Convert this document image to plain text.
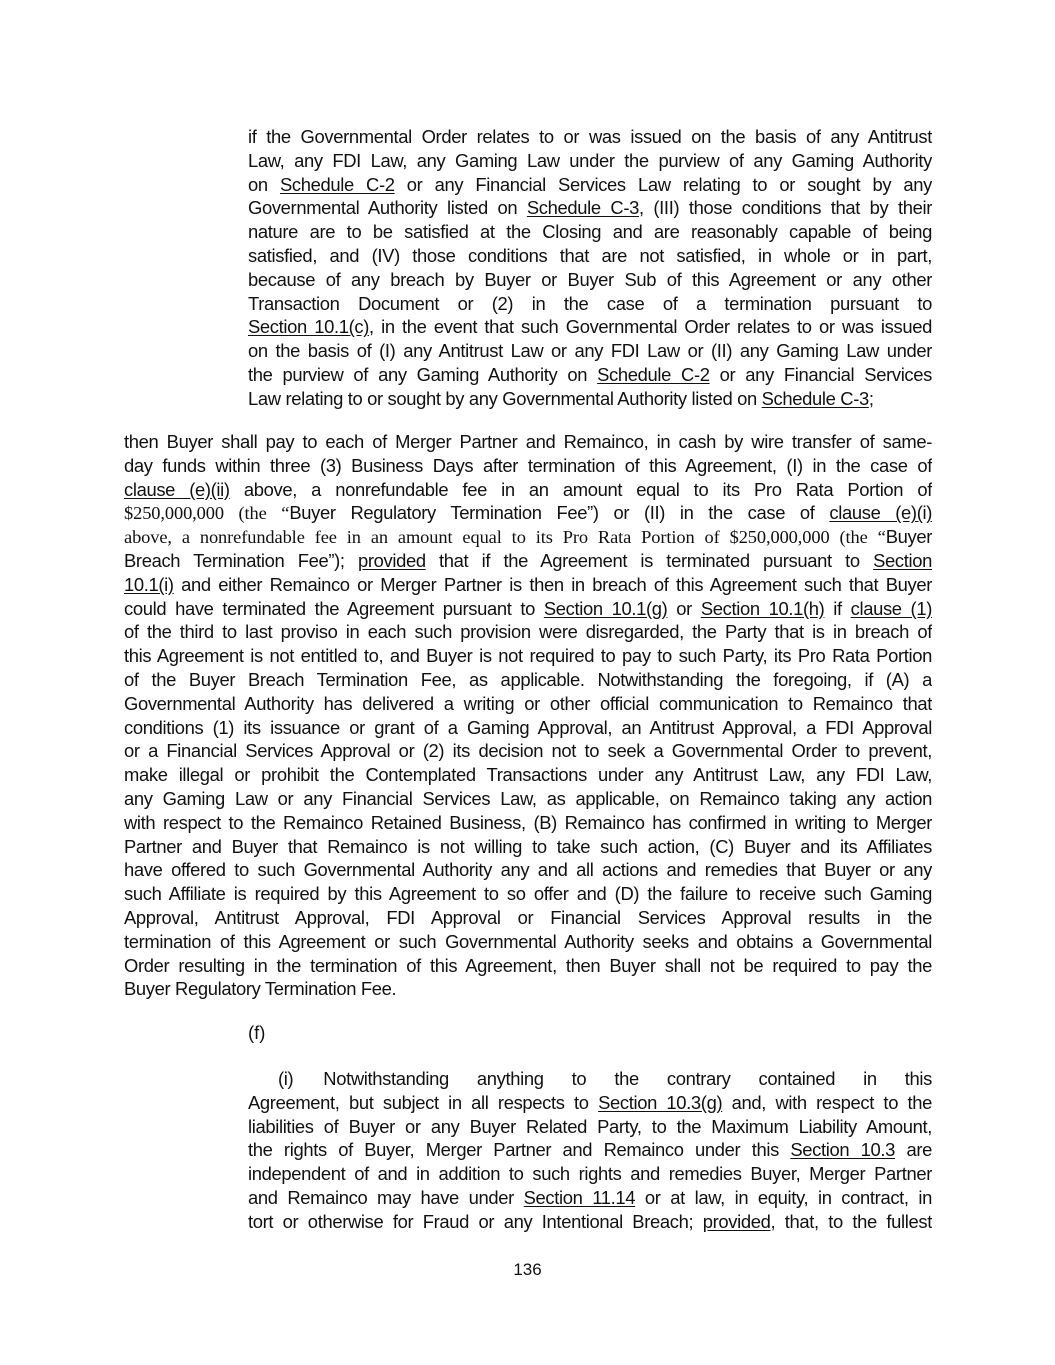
if the Governmental Order relates to or was issued on the basis of any Antitrust
Law, any FDI Law, any Gaming Law under the purview of any Gaming Authority
on Schedule C-2 or any Financial Services Law relating to or sought by any
Governmental Authority listed on Schedule C-3, (III) those conditions that by their
nature are to be satisfied at the Closing and are reasonably capable of being
satisfied, and (IV) those conditions that are not satisfied, in whole or in part,
because of any breach by Buyer or Buyer Sub of this Agreement or any other
Transaction Document or (2) in the case of a termination pursuant to
Section 10.1(c), in the event that such Governmental Order relates to or was issued
on the basis of (I) any Antitrust Law or any FDI Law or (II) any Gaming Law under
the purview of any Gaming Authority on Schedule C-2 or any Financial Services
Law relating to or sought by any Governmental Authority listed on Schedule C-3;
then Buyer shall pay to each of Merger Partner and Remainco, in cash by wire transfer of same-
day funds within three (3) Business Days after termination of this Agreement, (I) in the case of
clause (e)(ii) above, a nonrefundable fee in an amount equal to its Pro Rata Portion of
$250,000,000 (the “Buyer Regulatory Termination Fee”) or (II) in the case of clause (e)(i)
above, a nonrefundable fee in an amount equal to its Pro Rata Portion of $250,000,000 (the “Buyer
Breach Termination Fee”); provided that if the Agreement is terminated pursuant to Section
10.1(i) and either Remainco or Merger Partner is then in breach of this Agreement such that Buyer
could have terminated the Agreement pursuant to Section 10.1(g) or Section 10.1(h) if clause (1)
of the third to last proviso in each such provision were disregarded, the Party that is in breach of
this Agreement is not entitled to, and Buyer is not required to pay to such Party, its Pro Rata Portion
of the Buyer Breach Termination Fee, as applicable. Notwithstanding the foregoing, if (A) a
Governmental Authority has delivered a writing or other official communication to Remainco that
conditions (1) its issuance or grant of a Gaming Approval, an Antitrust Approval, a FDI Approval
or a Financial Services Approval or (2) its decision not to seek a Governmental Order to prevent,
make illegal or prohibit the Contemplated Transactions under any Antitrust Law, any FDI Law,
any Gaming Law or any Financial Services Law, as applicable, on Remainco taking any action
with respect to the Remainco Retained Business, (B) Remainco has confirmed in writing to Merger
Partner and Buyer that Remainco is not willing to take such action, (C) Buyer and its Affiliates
have offered to such Governmental Authority any and all actions and remedies that Buyer or any
such Affiliate is required by this Agreement to so offer and (D) the failure to receive such Gaming
Approval, Antitrust Approval, FDI Approval or Financial Services Approval results in the
termination of this Agreement or such Governmental Authority seeks and obtains a Governmental
Order resulting in the termination of this Agreement, then Buyer shall not be required to pay the
Buyer Regulatory Termination Fee.
(f)
(i) Notwithstanding anything to the contrary contained in this
Agreement, but subject in all respects to Section 10.3(g) and, with respect to the
liabilities of Buyer or any Buyer Related Party, to the Maximum Liability Amount,
the rights of Buyer, Merger Partner and Remainco under this Section 10.3 are
independent of and in addition to such rights and remedies Buyer, Merger Partner
and Remainco may have under Section 11.14 or at law, in equity, in contract, in
tort or otherwise for Fraud or any Intentional Breach; provided, that, to the fullest
136
